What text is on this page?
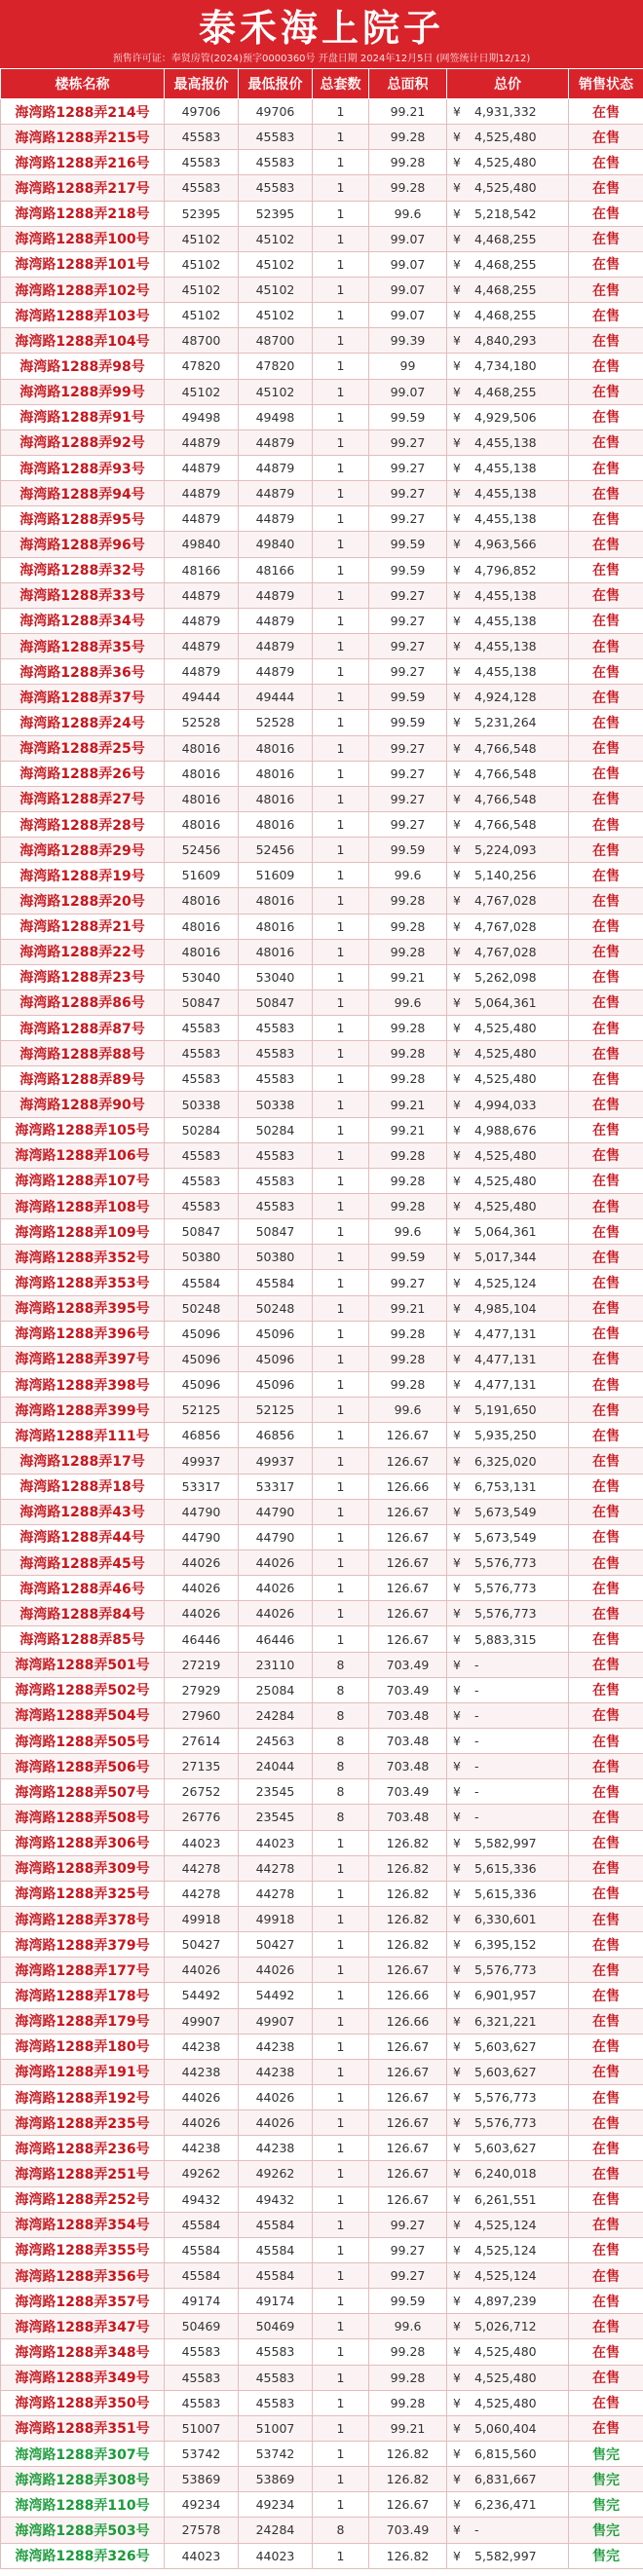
泰禾海上院子
预售许可证：奉贤房管(2024)预字0000360号 开盘日期 2024年12月5日 (网签统计日期12/12)
楼栋名称	最高报价	最低报价	总套数	总面积	总价	销售状态
海湾路1288弄214号	49706	49706	1	99.21	¥ 4,931,332	在售
海湾路1288弄215号	45583	45583	1	99.28	¥ 4,525,480	在售
海湾路1288弄216号	45583	45583	1	99.28	¥ 4,525,480	在售
海湾路1288弄217号	45583	45583	1	99.28	¥ 4,525,480	在售
海湾路1288弄218号	52395	52395	1	99.6	¥ 5,218,542	在售
海湾路1288弄100号	45102	45102	1	99.07	¥ 4,468,255	在售
海湾路1288弄101号	45102	45102	1	99.07	¥ 4,468,255	在售
海湾路1288弄102号	45102	45102	1	99.07	¥ 4,468,255	在售
海湾路1288弄103号	45102	45102	1	99.07	¥ 4,468,255	在售
海湾路1288弄104号	48700	48700	1	99.39	¥ 4,840,293	在售
海湾路1288弄98号	47820	47820	1	99	¥ 4,734,180	在售
海湾路1288弄99号	45102	45102	1	99.07	¥ 4,468,255	在售
海湾路1288弄91号	49498	49498	1	99.59	¥ 4,929,506	在售
海湾路1288弄92号	44879	44879	1	99.27	¥ 4,455,138	在售
海湾路1288弄93号	44879	44879	1	99.27	¥ 4,455,138	在售
海湾路1288弄94号	44879	44879	1	99.27	¥ 4,455,138	在售
海湾路1288弄95号	44879	44879	1	99.27	¥ 4,455,138	在售
海湾路1288弄96号	49840	49840	1	99.59	¥ 4,963,566	在售
海湾路1288弄32号	48166	48166	1	99.59	¥ 4,796,852	在售
海湾路1288弄33号	44879	44879	1	99.27	¥ 4,455,138	在售
海湾路1288弄34号	44879	44879	1	99.27	¥ 4,455,138	在售
海湾路1288弄35号	44879	44879	1	99.27	¥ 4,455,138	在售
海湾路1288弄36号	44879	44879	1	99.27	¥ 4,455,138	在售
海湾路1288弄37号	49444	49444	1	99.59	¥ 4,924,128	在售
海湾路1288弄24号	52528	52528	1	99.59	¥ 5,231,264	在售
海湾路1288弄25号	48016	48016	1	99.27	¥ 4,766,548	在售
海湾路1288弄26号	48016	48016	1	99.27	¥ 4,766,548	在售
海湾路1288弄27号	48016	48016	1	99.27	¥ 4,766,548	在售
海湾路1288弄28号	48016	48016	1	99.27	¥ 4,766,548	在售
海湾路1288弄29号	52456	52456	1	99.59	¥ 5,224,093	在售
海湾路1288弄19号	51609	51609	1	99.6	¥ 5,140,256	在售
海湾路1288弄20号	48016	48016	1	99.28	¥ 4,767,028	在售
海湾路1288弄21号	48016	48016	1	99.28	¥ 4,767,028	在售
海湾路1288弄22号	48016	48016	1	99.28	¥ 4,767,028	在售
海湾路1288弄23号	53040	53040	1	99.21	¥ 5,262,098	在售
海湾路1288弄86号	50847	50847	1	99.6	¥ 5,064,361	在售
海湾路1288弄87号	45583	45583	1	99.28	¥ 4,525,480	在售
海湾路1288弄88号	45583	45583	1	99.28	¥ 4,525,480	在售
海湾路1288弄89号	45583	45583	1	99.28	¥ 4,525,480	在售
海湾路1288弄90号	50338	50338	1	99.21	¥ 4,994,033	在售
海湾路1288弄105号	50284	50284	1	99.21	¥ 4,988,676	在售
海湾路1288弄106号	45583	45583	1	99.28	¥ 4,525,480	在售
海湾路1288弄107号	45583	45583	1	99.28	¥ 4,525,480	在售
海湾路1288弄108号	45583	45583	1	99.28	¥ 4,525,480	在售
海湾路1288弄109号	50847	50847	1	99.6	¥ 5,064,361	在售
海湾路1288弄352号	50380	50380	1	99.59	¥ 5,017,344	在售
海湾路1288弄353号	45584	45584	1	99.27	¥ 4,525,124	在售
海湾路1288弄395号	50248	50248	1	99.21	¥ 4,985,104	在售
海湾路1288弄396号	45096	45096	1	99.28	¥ 4,477,131	在售
海湾路1288弄397号	45096	45096	1	99.28	¥ 4,477,131	在售
海湾路1288弄398号	45096	45096	1	99.28	¥ 4,477,131	在售
海湾路1288弄399号	52125	52125	1	99.6	¥ 5,191,650	在售
海湾路1288弄111号	46856	46856	1	126.67	¥ 5,935,250	在售
海湾路1288弄17号	49937	49937	1	126.67	¥ 6,325,020	在售
海湾路1288弄18号	53317	53317	1	126.66	¥ 6,753,131	在售
海湾路1288弄43号	44790	44790	1	126.67	¥ 5,673,549	在售
海湾路1288弄44号	44790	44790	1	126.67	¥ 5,673,549	在售
海湾路1288弄45号	44026	44026	1	126.67	¥ 5,576,773	在售
海湾路1288弄46号	44026	44026	1	126.67	¥ 5,576,773	在售
海湾路1288弄84号	44026	44026	1	126.67	¥ 5,576,773	在售
海湾路1288弄85号	46446	46446	1	126.67	¥ 5,883,315	在售
海湾路1288弄501号	27219	23110	8	703.49	¥ -	在售
海湾路1288弄502号	27929	25084	8	703.49	¥ -	在售
海湾路1288弄504号	27960	24284	8	703.48	¥ -	在售
海湾路1288弄505号	27614	24563	8	703.48	¥ -	在售
海湾路1288弄506号	27135	24044	8	703.48	¥ -	在售
海湾路1288弄507号	26752	23545	8	703.49	¥ -	在售
海湾路1288弄508号	26776	23545	8	703.48	¥ -	在售
海湾路1288弄306号	44023	44023	1	126.82	¥ 5,582,997	在售
海湾路1288弄309号	44278	44278	1	126.82	¥ 5,615,336	在售
海湾路1288弄325号	44278	44278	1	126.82	¥ 5,615,336	在售
海湾路1288弄378号	49918	49918	1	126.82	¥ 6,330,601	在售
海湾路1288弄379号	50427	50427	1	126.82	¥ 6,395,152	在售
海湾路1288弄177号	44026	44026	1	126.67	¥ 5,576,773	在售
海湾路1288弄178号	54492	54492	1	126.66	¥ 6,901,957	在售
海湾路1288弄179号	49907	49907	1	126.66	¥ 6,321,221	在售
海湾路1288弄180号	44238	44238	1	126.67	¥ 5,603,627	在售
海湾路1288弄191号	44238	44238	1	126.67	¥ 5,603,627	在售
海湾路1288弄192号	44026	44026	1	126.67	¥ 5,576,773	在售
海湾路1288弄235号	44026	44026	1	126.67	¥ 5,576,773	在售
海湾路1288弄236号	44238	44238	1	126.67	¥ 5,603,627	在售
海湾路1288弄251号	49262	49262	1	126.67	¥ 6,240,018	在售
海湾路1288弄252号	49432	49432	1	126.67	¥ 6,261,551	在售
海湾路1288弄354号	45584	45584	1	99.27	¥ 4,525,124	在售
海湾路1288弄355号	45584	45584	1	99.27	¥ 4,525,124	在售
海湾路1288弄356号	45584	45584	1	99.27	¥ 4,525,124	在售
海湾路1288弄357号	49174	49174	1	99.59	¥ 4,897,239	在售
海湾路1288弄347号	50469	50469	1	99.6	¥ 5,026,712	在售
海湾路1288弄348号	45583	45583	1	99.28	¥ 4,525,480	在售
海湾路1288弄349号	45583	45583	1	99.28	¥ 4,525,480	在售
海湾路1288弄350号	45583	45583	1	99.28	¥ 4,525,480	在售
海湾路1288弄351号	51007	51007	1	99.21	¥ 5,060,404	在售
海湾路1288弄307号	53742	53742	1	126.82	¥ 6,815,560	售完
海湾路1288弄308号	53869	53869	1	126.82	¥ 6,831,667	售完
海湾路1288弄110号	49234	49234	1	126.67	¥ 6,236,471	售完
海湾路1288弄503号	27578	24284	8	703.49	¥ -	售完
海湾路1288弄326号	44023	44023	1	126.82	¥ 5,582,997	售完
